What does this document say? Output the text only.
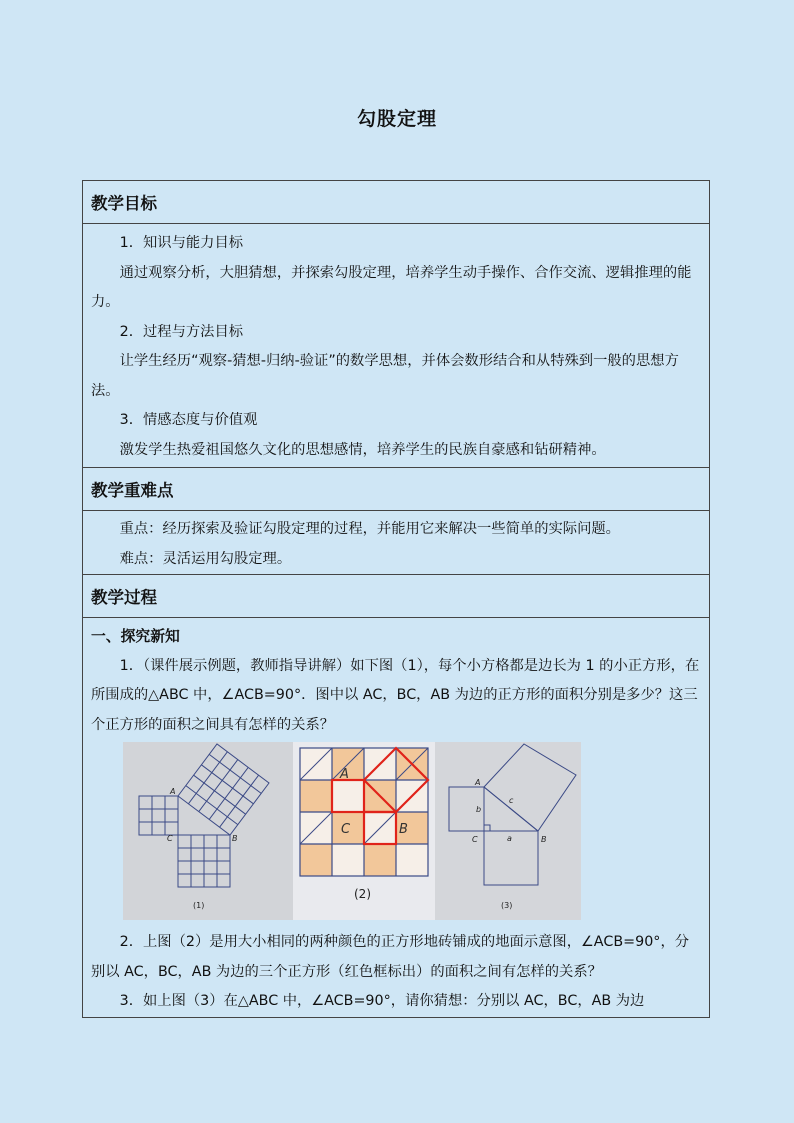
勾股定理
教学目标

1．知识与能力目标

通过观察分析，大胆猜想，并探索勾股定理，培养学生动手操作、合作交流、逻辑推理的能力。

2．过程与方法目标

让学生经历“观察-猜想-归纳-验证”的数学思想，并体会数形结合和从特殊到一般的思想方法。

3．情感态度与价值观

激发学生热爱祖国悠久文化的思想感情，培养学生的民族自豪感和钻研精神。

教学重难点

重点：经历探索及验证勾股定理的过程，并能用它来解决一些简单的实际问题。

难点：灵活运用勾股定理。

教学过程

一、探究新知

1．（课件展示例题，教师指导讲解）如下图（1），每个小方格都是边长为 1 的小正方形，在所围成的△ABC 中，∠ACB=90°．图中以 AC，BC，AB 为边的正方形的面积分别是多少？这三个正方形的面积之间具有怎样的关系？

A
C	B
(1)
A
C	B
(2)
A
C	B
b
c
a
(3)

2．上图（2）是用大小相同的两种颜色的正方形地砖铺成的地面示意图，∠ACB=90°，分别以 AC，BC，AB 为边的三个正方形（红色框标出）的面积之间有怎样的关系？

3．如上图（3）在△ABC 中，∠ACB=90°，请你猜想：分别以 AC，BC，AB 为边
